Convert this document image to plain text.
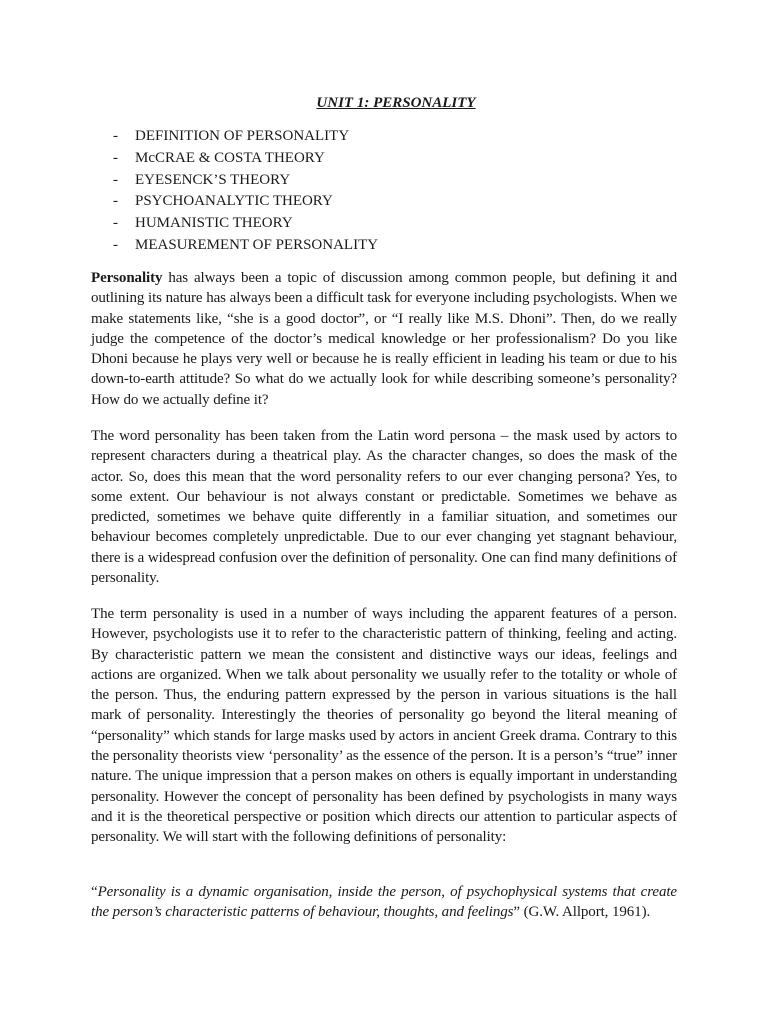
UNIT 1: PERSONALITY
- DEFINITION OF PERSONALITY
- McCRAE & COSTA THEORY
- EYESENCK’S THEORY
- PSYCHOANALYTIC THEORY
- HUMANISTIC THEORY
- MEASUREMENT OF PERSONALITY

Personality has always been a topic of discussion among common people, but defining it and outlining its nature has always been a difficult task for everyone including psychologists. When we make statements like, “she is a good doctor”, or “I really like M.S. Dhoni”. Then, do we really judge the competence of the doctor’s medical knowledge or her professionalism? Do you like Dhoni because he plays very well or because he is really efficient in leading his team or due to his down-to-earth attitude? So what do we actually look for while describing someone’s personality? How do we actually define it?

The word personality has been taken from the Latin word persona – the mask used by actors to represent characters during a theatrical play. As the character changes, so does the mask of the actor. So, does this mean that the word personality refers to our ever changing persona? Yes, to some extent. Our behaviour is not always constant or predictable. Sometimes we behave as predicted, sometimes we behave quite differently in a familiar situation, and sometimes our behaviour becomes completely unpredictable. Due to our ever changing yet stagnant behaviour, there is a widespread confusion over the definition of personality. One can find many definitions of personality.

The term personality is used in a number of ways including the apparent features of a person. However, psychologists use it to refer to the characteristic pattern of thinking, feeling and acting. By characteristic pattern we mean the consistent and distinctive ways our ideas, feelings and actions are organized. When we talk about personality we usually refer to the totality or whole of the person. Thus, the enduring pattern expressed by the person in various situations is the hall mark of personality. Interestingly the theories of personality go beyond the literal meaning of “personality” which stands for large masks used by actors in ancient Greek drama. Contrary to this the personality theorists view ‘personality’ as the essence of the person. It is a person’s “true” inner nature. The unique impression that a person makes on others is equally important in understanding personality. However the concept of personality has been defined by psychologists in many ways and it is the theoretical perspective or position which directs our attention to particular aspects of personality. We will start with the following definitions of personality:

“Personality is a dynamic organisation, inside the person, of psychophysical systems that create the person’s characteristic patterns of behaviour, thoughts, and feelings” (G.W. Allport, 1961).
